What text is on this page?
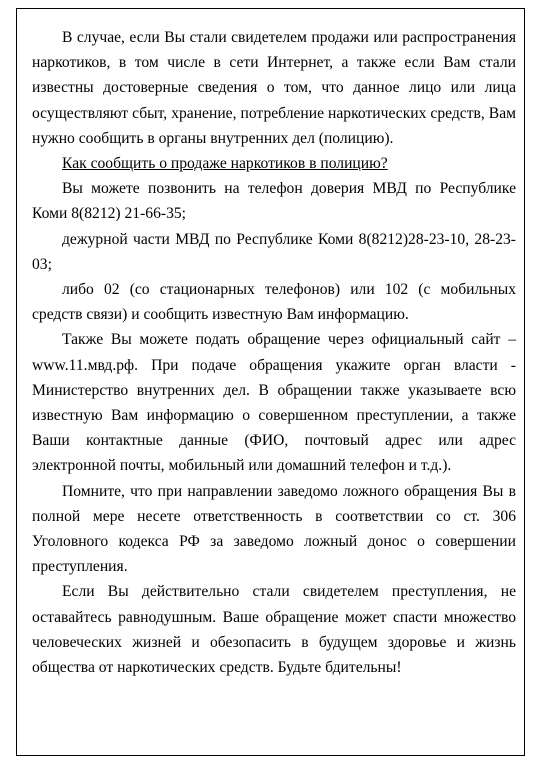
В случае, если Вы стали свидетелем продажи или распространения наркотиков, в том числе в сети Интернет, а также если Вам стали известны достоверные сведения о том, что данное лицо или лица осуществляют сбыт, хранение, потребление наркотических средств, Вам нужно сообщить в органы внутренних дел (полицию).

Как сообщить о продаже наркотиков в полицию?

Вы можете позвонить на телефон доверия МВД по Республике Коми 8(8212) 21-66-35;

дежурной части МВД по Республике Коми 8(8212)28-23-10, 28-23-03;

либо 02 (со стационарных телефонов) или 102 (с мобильных средств связи) и сообщить известную Вам информацию.

Также Вы можете подать обращение через официальный сайт – www.11.мвд.рф. При подаче обращения укажите орган власти - Министерство внутренних дел. В обращении также указываете всю известную Вам информацию о совершенном преступлении, а также Ваши контактные данные (ФИО, почтовый адрес или адрес электронной почты, мобильный или домашний телефон и т.д.).

Помните, что при направлении заведомо ложного обращения Вы в полной мере несете ответственность в соответствии со ст. 306 Уголовного кодекса РФ за заведомо ложный донос о совершении преступления.

Если Вы действительно стали свидетелем преступления, не оставайтесь равнодушным. Ваше обращение может спасти множество человеческих жизней и обезопасить в будущем здоровье и жизнь общества от наркотических средств. Будьте бдительны!
